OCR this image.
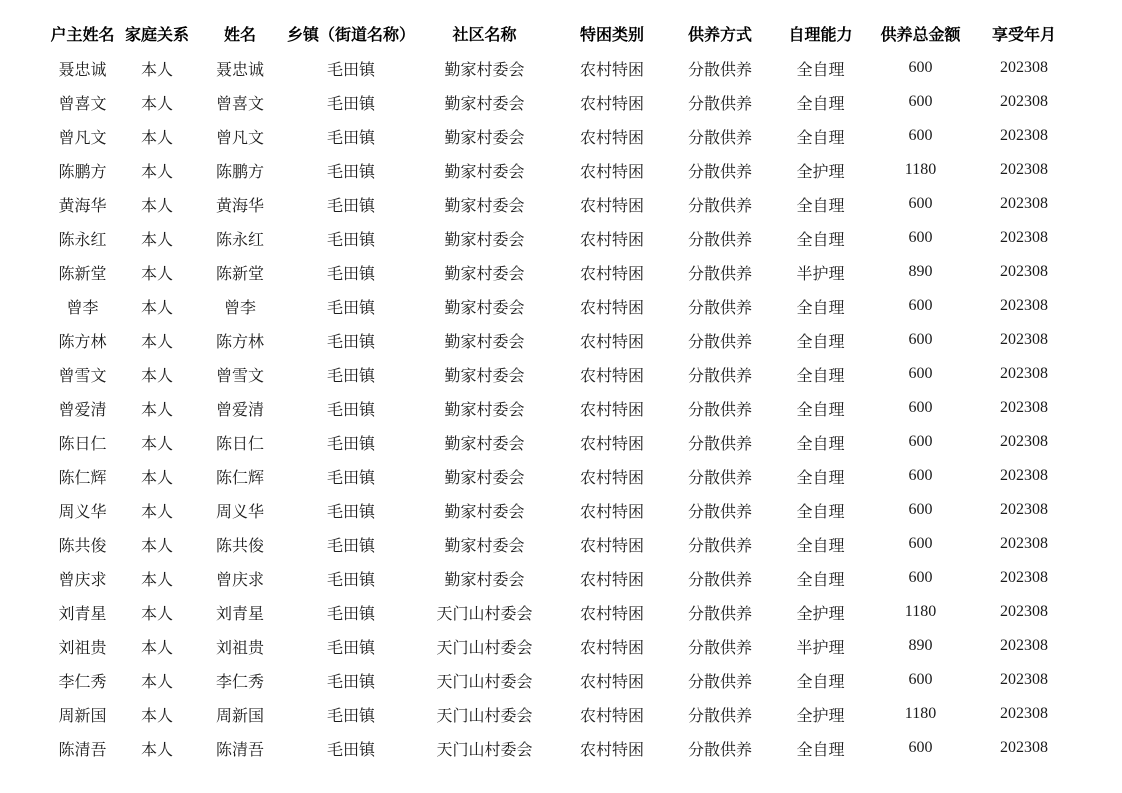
户主姓名	家庭关系	姓名	乡镇（街道名称）	社区名称	特困类别	供养方式	自理能力	供养总金额	享受年月
聂忠诚	本人	聂忠诚	毛田镇	勤家村委会	农村特困	分散供养	全自理	600	202308
曾喜文	本人	曾喜文	毛田镇	勤家村委会	农村特困	分散供养	全自理	600	202308
曾凡文	本人	曾凡文	毛田镇	勤家村委会	农村特困	分散供养	全自理	600	202308
陈鹏方	本人	陈鹏方	毛田镇	勤家村委会	农村特困	分散供养	全护理	1180	202308
黄海华	本人	黄海华	毛田镇	勤家村委会	农村特困	分散供养	全自理	600	202308
陈永红	本人	陈永红	毛田镇	勤家村委会	农村特困	分散供养	全自理	600	202308
陈新堂	本人	陈新堂	毛田镇	勤家村委会	农村特困	分散供养	半护理	890	202308
曾李	本人	曾李	毛田镇	勤家村委会	农村特困	分散供养	全自理	600	202308
陈方林	本人	陈方林	毛田镇	勤家村委会	农村特困	分散供养	全自理	600	202308
曾雪文	本人	曾雪文	毛田镇	勤家村委会	农村特困	分散供养	全自理	600	202308
曾爱清	本人	曾爱清	毛田镇	勤家村委会	农村特困	分散供养	全自理	600	202308
陈日仁	本人	陈日仁	毛田镇	勤家村委会	农村特困	分散供养	全自理	600	202308
陈仁辉	本人	陈仁辉	毛田镇	勤家村委会	农村特困	分散供养	全自理	600	202308
周义华	本人	周义华	毛田镇	勤家村委会	农村特困	分散供养	全自理	600	202308
陈共俊	本人	陈共俊	毛田镇	勤家村委会	农村特困	分散供养	全自理	600	202308
曾庆求	本人	曾庆求	毛田镇	勤家村委会	农村特困	分散供养	全自理	600	202308
刘青星	本人	刘青星	毛田镇	天门山村委会	农村特困	分散供养	全护理	1180	202308
刘祖贵	本人	刘祖贵	毛田镇	天门山村委会	农村特困	分散供养	半护理	890	202308
李仁秀	本人	李仁秀	毛田镇	天门山村委会	农村特困	分散供养	全自理	600	202308
周新国	本人	周新国	毛田镇	天门山村委会	农村特困	分散供养	全护理	1180	202308
陈清吾	本人	陈清吾	毛田镇	天门山村委会	农村特困	分散供养	全自理	600	202308
